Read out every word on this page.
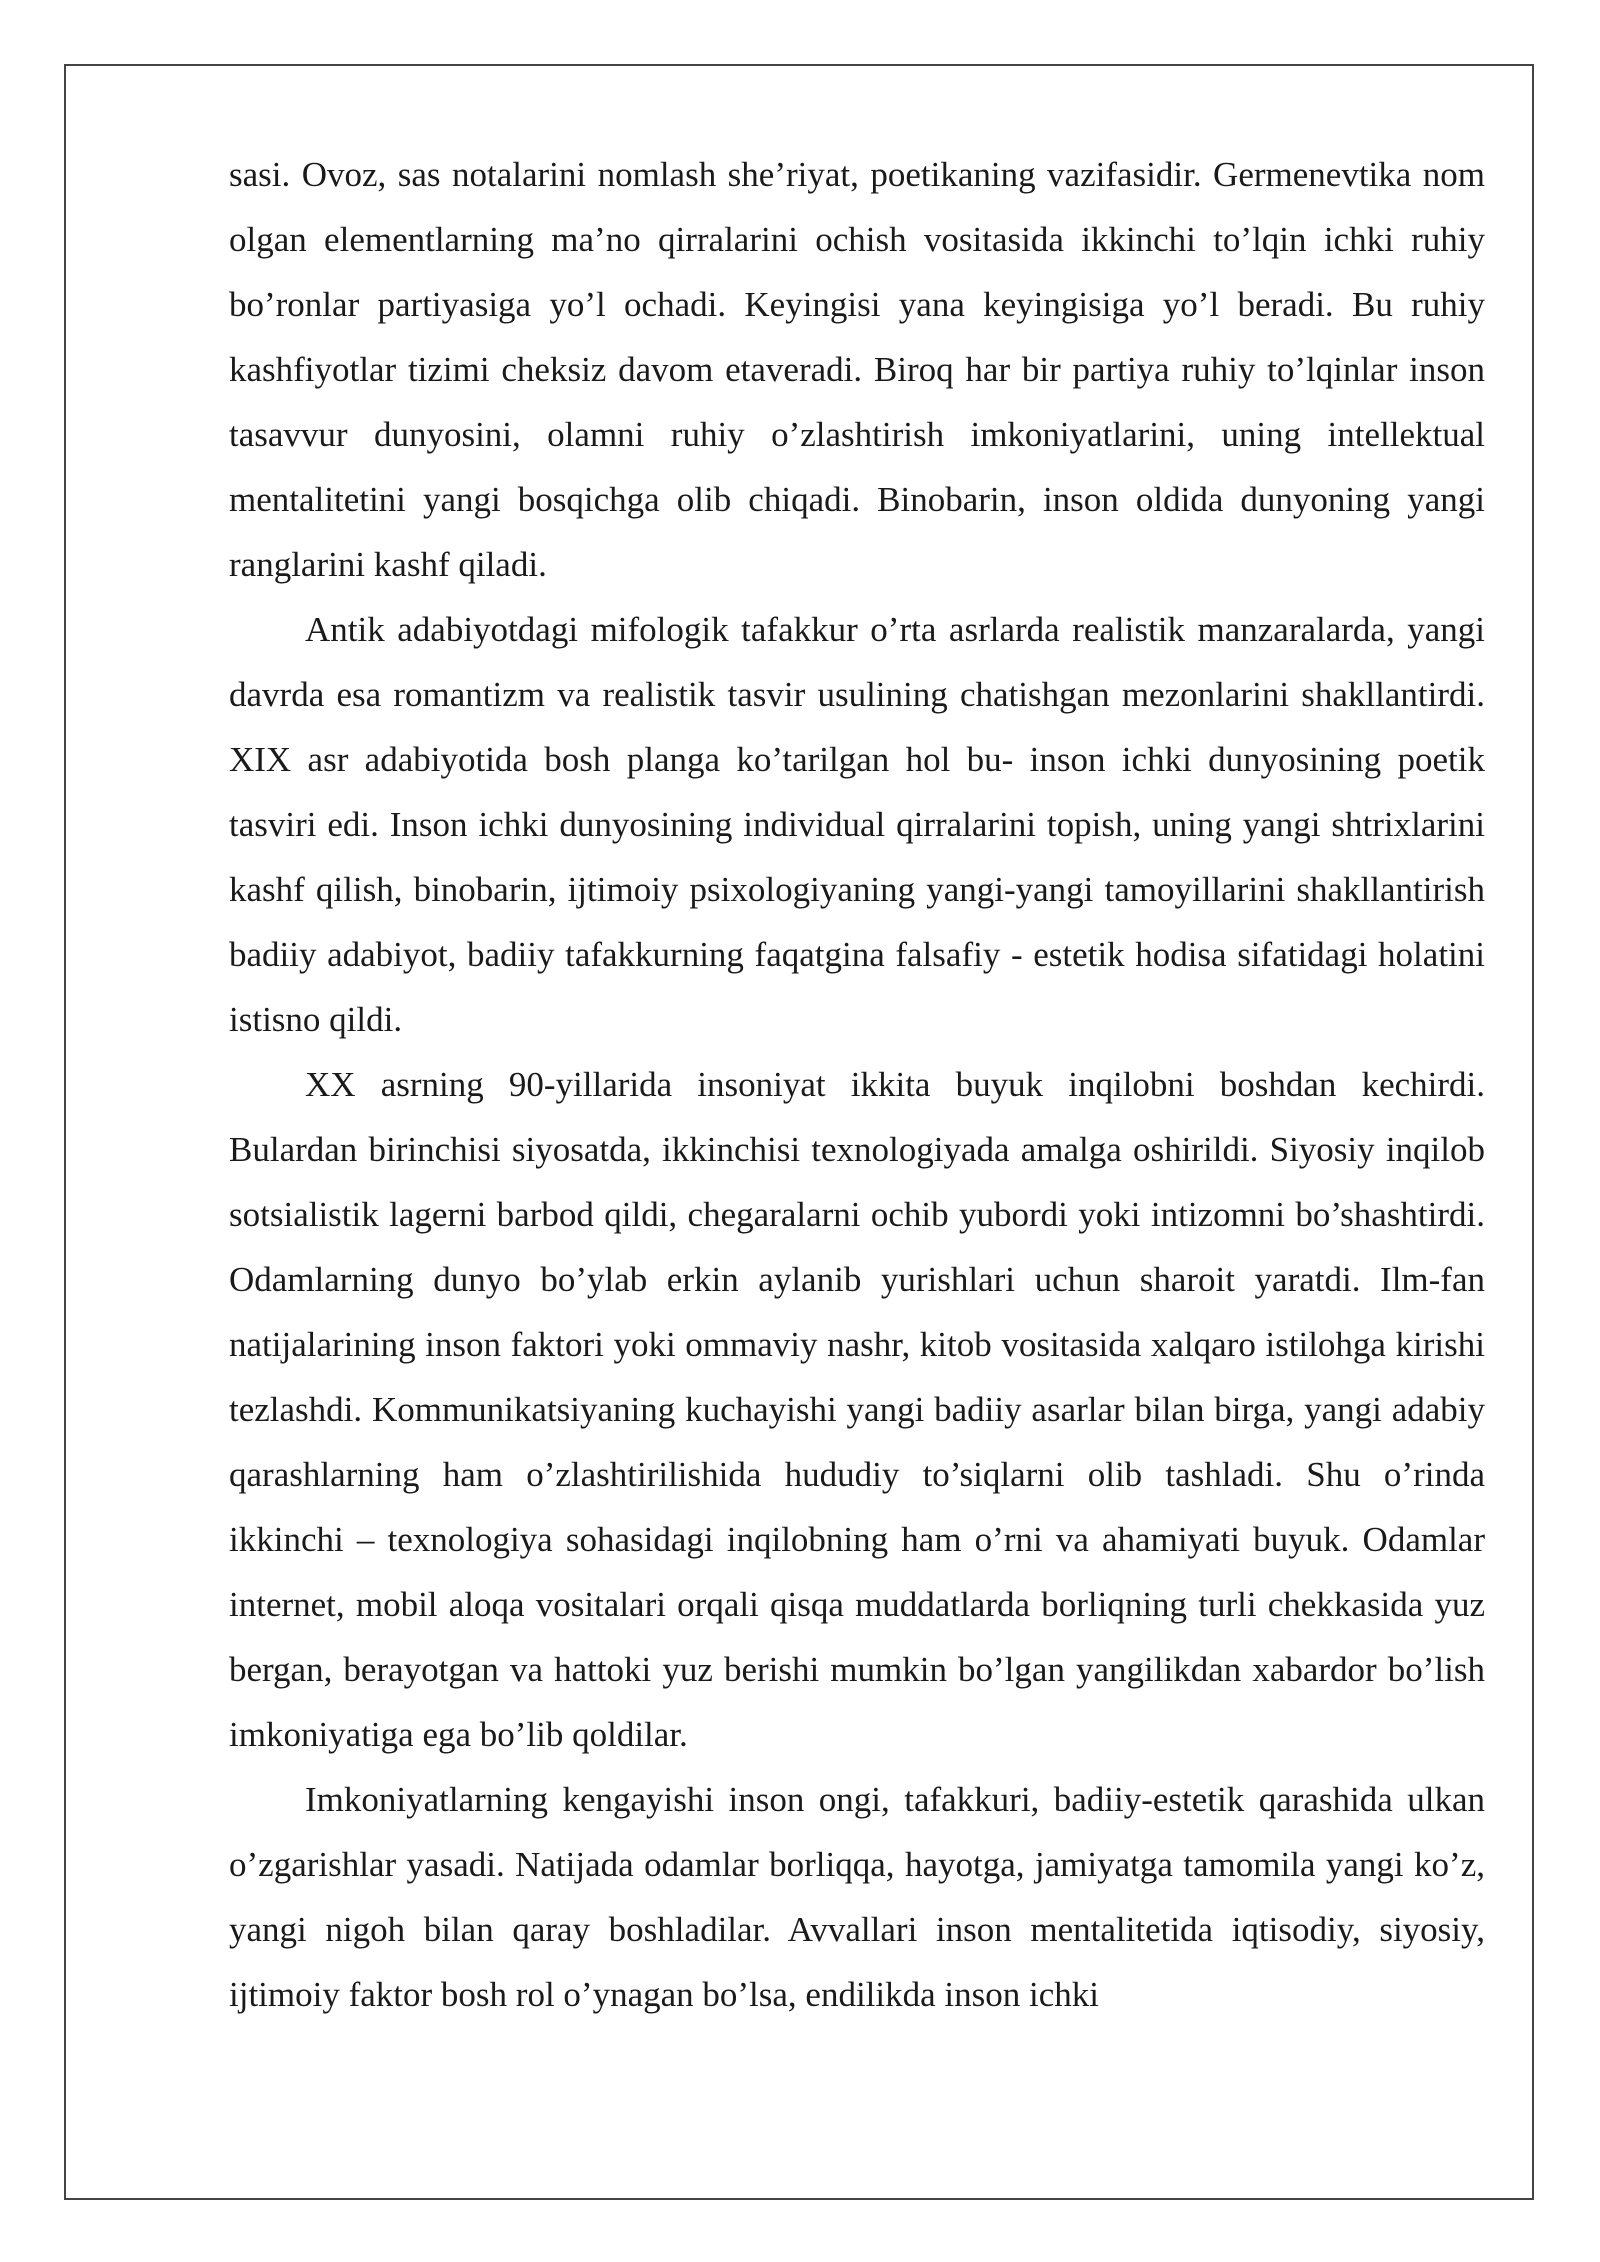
sasi. Ovoz, sas notalarini nomlash she’riyat, poetikaning vazifasidir. Germenevtika nom olgan elementlarning ma’no qirralarini ochish vositasida ikkinchi to’lqin ichki ruhiy bo’ronlar partiyasiga yo’l ochadi. Keyingisi yana keyingisiga yo’l beradi. Bu ruhiy kashfiyotlar tizimi cheksiz davom etaveradi. Biroq har bir partiya ruhiy to’lqinlar inson tasavvur dunyosini, olamni ruhiy o’zlashtirish imkoniyatlarini, uning intellektual mentalitetini yangi bosqichga olib chiqadi. Binobarin, inson oldida dunyoning yangi ranglarini kashf qiladi.

Antik adabiyotdagi mifologik tafakkur o’rta asrlarda realistik manzaralarda, yangi davrda esa romantizm va realistik tasvir usulining chatishgan mezonlarini shakllantirdi. XIX asr adabiyotida bosh planga ko’tarilgan hol bu- inson ichki dunyosining poetik tasviri edi. Inson ichki dunyosining individual qirralarini topish, uning yangi shtrixlarini kashf qilish, binobarin, ijtimoiy psixologiyaning yangi-yangi tamoyillarini shakllantirish badiiy adabiyot, badiiy tafakkurning faqatgina falsafiy - estetik hodisa sifatidagi holatini istisno qildi.

XX asrning 90-yillarida insoniyat ikkita buyuk inqilobni boshdan kechirdi. Bulardan birinchisi siyosatda, ikkinchisi texnologiyada amalga oshirildi. Siyosiy inqilob sotsialistik lagerni barbod qildi, chegaralarni ochib yubordi yoki intizomni bo’shashtirdi. Odamlarning dunyo bo’ylab erkin aylanib yurishlari uchun sharoit yaratdi. Ilm-fan natijalarining inson faktori yoki ommaviy nashr, kitob vositasida xalqaro istilohga kirishi tezlashdi. Kommunikatsiyaning kuchayishi yangi badiiy asarlar bilan birga, yangi adabiy qarashlarning ham o’zlashtirilishida hududiy to’siqlarni olib tashladi. Shu o’rinda ikkinchi – texnologiya sohasidagi inqilobning ham o’rni va ahamiyati buyuk. Odamlar internet, mobil aloqa vositalari orqali qisqa muddatlarda borliqning turli chekkasida yuz bergan, berayotgan va hattoki yuz berishi mumkin bo’lgan yangilikdan xabardor bo’lish imkoniyatiga ega bo’lib qoldilar.

Imkoniyatlarning kengayishi inson ongi, tafakkuri, badiiy-estetik qarashida ulkan o’zgarishlar yasadi. Natijada odamlar borliqqa, hayotga, jamiyatga tamomila yangi ko’z, yangi nigoh bilan qaray boshladilar. Avvallari inson mentalitetida iqtisodiy, siyosiy, ijtimoiy faktor bosh rol o’ynagan bo’lsa, endilikda inson ichki
